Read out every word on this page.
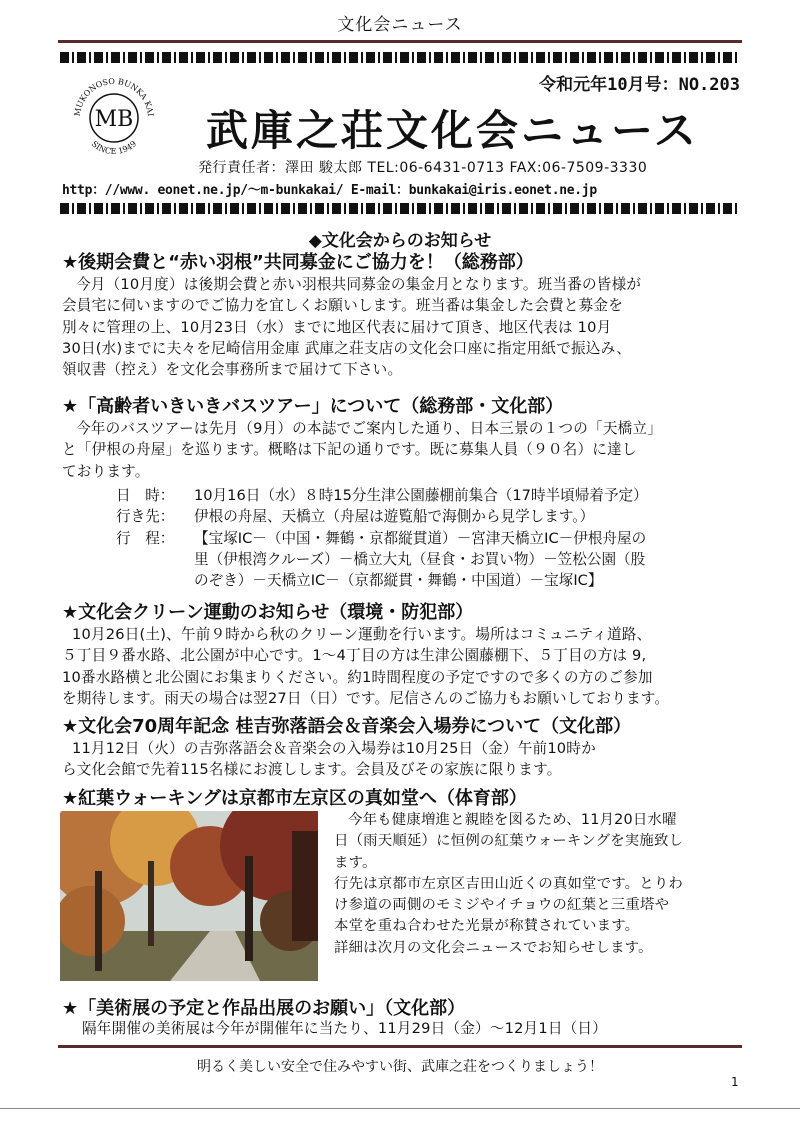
文化会ニュース
令和元年10月号：NO.203
MUKONOSO BUNKA KAI
SINCE 1949
MB 武庫之荘文化会ニュース
発行責任者：澤田 駿太郎 TEL:06-6431-0713 FAX:06-7509-3330
http：//www. eonet.ne.jp/～m-bunkakai/ E-mail：bunkakai@iris.eonet.ne.jp
◆文化会からのお知らせ
★後期会費と“赤い羽根”共同募金にご協力を！（総務部）
今月（10月度）は後期会費と赤い羽根共同募金の集金月となります。班当番の皆様が
会員宅に伺いますのでご協力を宜しくお願いします。班当番は集金した会費と募金を
別々に管理の上、10月23日（水）までに地区代表に届けて頂き、地区代表は 10月
30日(水)までに夫々を尼崎信用金庫 武庫之荘支店の文化会口座に指定用紙で振込み、
領収書（控え）を文化会事務所まで届けて下さい。
★「高齢者いきいきバスツアー」について（総務部・文化部）
今年のバスツアーは先月（9月）の本誌でご案内した通り、日本三景の１つの「天橋立」
と「伊根の舟屋」を巡ります。概略は下記の通りです。既に募集人員（９０名）に達し
ております。
日　時： 10月16日（水）８時15分生津公園藤棚前集合（17時半頃帰着予定）
行き先： 伊根の舟屋、天橋立（舟屋は遊覧船で海側から見学します。）
行　程： 【宝塚IC－（中国・舞鶴・京都縦貫道）－宮津天橋立IC－伊根舟屋の
里（伊根湾クルーズ）－橋立大丸（昼食・お買い物）－笠松公園（股
のぞき）－天橋立IC－（京都縦貫・舞鶴・中国道）－宝塚IC】
★文化会クリーン運動のお知らせ（環境・防犯部）
10月26日(土)、午前９時から秋のクリーン運動を行います。場所はコミュニティ道路、
５丁目９番水路、北公園が中心です。1～4丁目の方は生津公園藤棚下、５丁目の方は 9,
10番水路横と北公園にお集まりください。約1時間程度の予定ですので多くの方のご参加
を期待します。雨天の場合は翌27日（日）です。尼信さんのご協力もお願いしております。
★文化会70周年記念 桂吉弥落語会＆音楽会入場券について（文化部）
11月12日（火）の吉弥落語会＆音楽会の入場券は10月25日（金）午前10時か
ら文化会館で先着115名様にお渡しします。会員及びその家族に限ります。
★紅葉ウォーキングは京都市左京区の真如堂へ（体育部）
今年も健康増進と親睦を図るため、11月20日水曜
日（雨天順延）に恒例の紅葉ウォーキングを実施致し
ます。
行先は京都市左京区吉田山近くの真如堂です。とりわ
け参道の両側のモミジやイチョウの紅葉と三重塔や
本堂を重ね合わせた光景が称賛されています。
詳細は次月の文化会ニュースでお知らせします。
★「美術展の予定と作品出展のお願い」（文化部）
隔年開催の美術展は今年が開催年に当たり、11月29日（金）～12月1日（日）
明るく美しい安全で住みやすい街、武庫之荘をつくりましょう！
1
